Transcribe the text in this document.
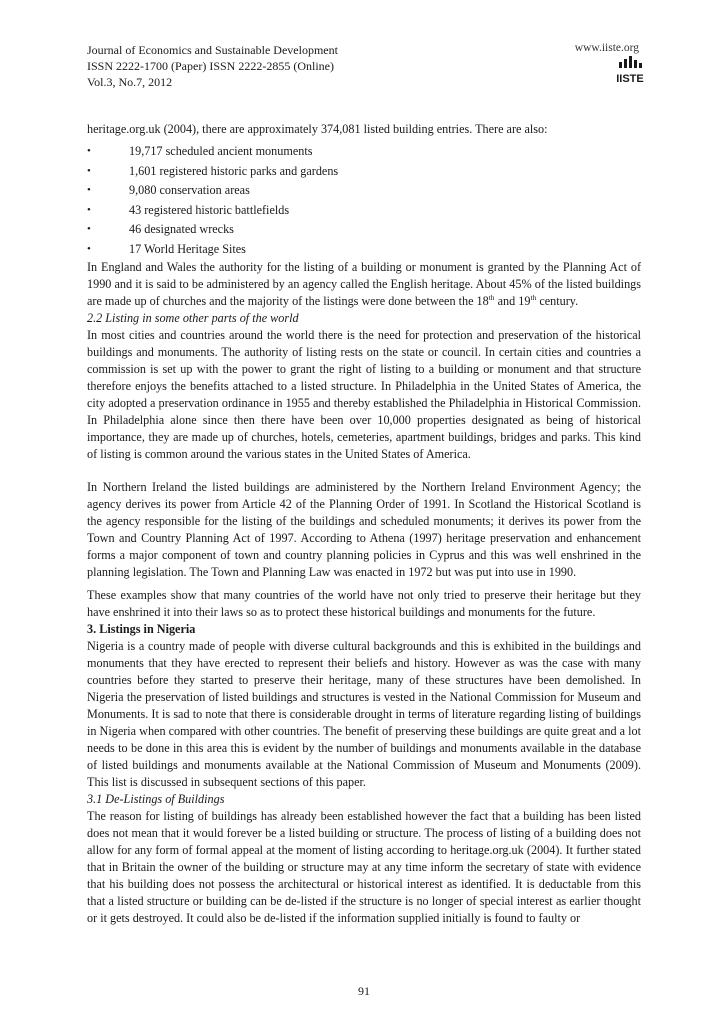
Journal of Economics and Sustainable Development
ISSN 2222-1700 (Paper) ISSN 2222-2855 (Online)
Vol.3, No.7, 2012
www.iiste.org
IISTE

heritage.org.uk (2004), there are approximately 374,081 listed building entries. There are also:

•	19,717 scheduled ancient monuments
•	1,601 registered historic parks and gardens
•	9,080 conservation areas
•	43 registered historic battlefields
•	46 designated wrecks
•	17 World Heritage Sites

In England and Wales the authority for the listing of a building or monument is granted by the Planning Act of 1990 and it is said to be administered by an agency called the English heritage. About 45% of the listed buildings are made up of churches and the majority of the listings were done between the 18th and 19th century.

2.2 Listing in some other parts of the world

In most cities and countries around the world there is the need for protection and preservation of the historical buildings and monuments. The authority of listing rests on the state or council. In certain cities and countries a commission is set up with the power to grant the right of listing to a building or monument and that structure therefore enjoys the benefits attached to a listed structure. In Philadelphia in the United States of America, the city adopted a preservation ordinance in 1955 and thereby established the Philadelphia in Historical Commission. In Philadelphia alone since then there have been over 10,000 properties designated as being of historical importance, they are made up of churches, hotels, cemeteries, apartment buildings, bridges and parks. This kind of listing is common around the various states in the United States of America.

In Northern Ireland the listed buildings are administered by the Northern Ireland Environment Agency; the agency derives its power from Article 42 of the Planning Order of 1991. In Scotland the Historical Scotland is the agency responsible for the listing of the buildings and scheduled monuments; it derives its power from the Town and Country Planning Act of 1997. According to Athena (1997) heritage preservation and enhancement forms a major component of town and country planning policies in Cyprus and this was well enshrined in the planning legislation. The Town and Planning Law was enacted in 1972 but was put into use in 1990.

These examples show that many countries of the world have not only tried to preserve their heritage but they have enshrined it into their laws so as to protect these historical buildings and monuments for the future.

3. Listings in Nigeria

Nigeria is a country made of people with diverse cultural backgrounds and this is exhibited in the buildings and monuments that they have erected to represent their beliefs and history. However as was the case with many countries before they started to preserve their heritage, many of these structures have been demolished. In Nigeria the preservation of listed buildings and structures is vested in the National Commission for Museum and Monuments. It is sad to note that there is considerable drought in terms of literature regarding listing of buildings in Nigeria when compared with other countries. The benefit of preserving these buildings are quite great and a lot needs to be done in this area this is evident by the number of buildings and monuments available in the database of listed buildings and monuments available at the National Commission of Museum and Monuments (2009). This list is discussed in subsequent sections of this paper.

3.1 De-Listings of Buildings

The reason for listing of buildings has already been established however the fact that a building has been listed does not mean that it would forever be a listed building or structure. The process of listing of a building does not allow for any form of formal appeal at the moment of listing according to heritage.org.uk (2004). It further stated that in Britain the owner of the building or structure may at any time inform the secretary of state with evidence that his building does not possess the architectural or historical interest as identified. It is deductable from this that a listed structure or building can be de-listed if the structure is no longer of special interest as earlier thought or it gets destroyed. It could also be de-listed if the information supplied initially is found to faulty or

91
